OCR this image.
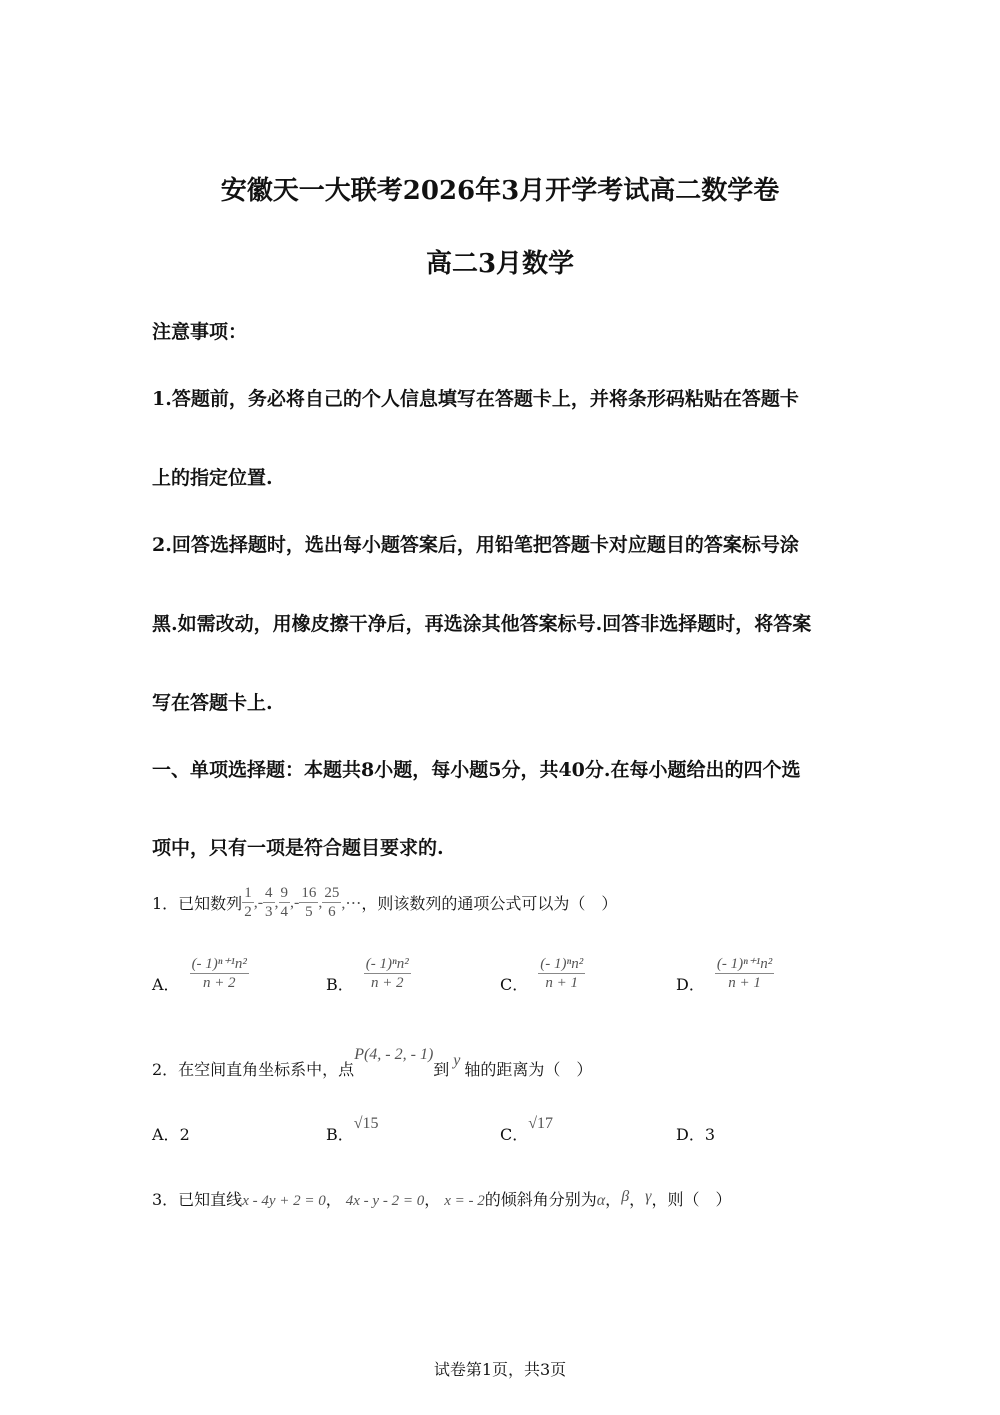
安徽天一大联考2026年3月开学考试高二数学卷
高二3月数学
注意事项：
1.答题前，务必将自己的个人信息填写在答题卡上，并将条形码粘贴在答题卡
上的指定位置.
2.回答选择题时，选出每小题答案后，用铅笔把答题卡对应题目的答案标号涂
黑.如需改动，用橡皮擦干净后，再选涂其他答案标号.回答非选择题时，将答案
写在答题卡上.
一、单项选择题：本题共8小题，每小题5分，共40分.在每小题给出的四个选
项中，只有一项是符合题目要求的.
1．已知数列 $\frac{1}{2}$ ,- $\frac{4}{3}$ , $\frac{9}{4}$ ,- $\frac{16}{5}$ , $\frac{25}{6}$ ,⋯ ，则该数列的通项公式可以为（　）
A． $\frac{\text{(- 1)ⁿ⁺¹n²}}{n + 2}$	B． $\frac{\text{(- 1)ⁿn²}}{n + 2}$	C． $\frac{\text{(- 1)ⁿn²}}{n + 1}$	D． $\frac{\text{(- 1)ⁿ⁺¹n²}}{n + 1}$
2．在空间直角坐标系中，点P(4, - 2, - 1)到 y 轴的距离为（　）
A．2	B．√15
C．√17
D．3
3．已知直线x - 4y + 2 = 0， 4x - y - 2 = 0， x = - 2的倾斜角分别为α，β，γ，则（　）
试卷第1页，共3页
